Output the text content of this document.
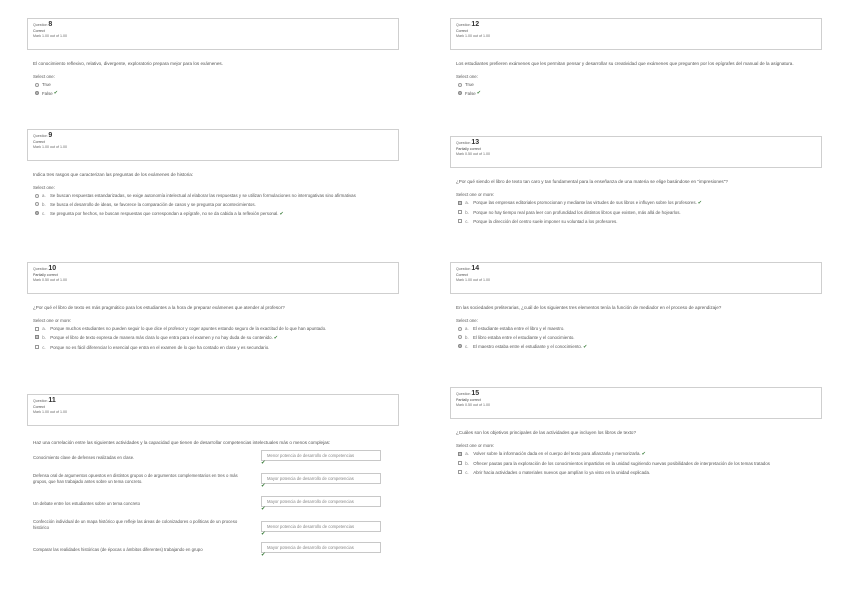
Question 8
Correct
Mark 1.00 out of 1.00
El conocimiento reflexivo, relativo, divergente, exploratorio prepara mejor para los exámenes.
Select one:
True
False ✔
Question 9
Correct
Mark 1.00 out of 1.00
Indica tres rasgos que caracterizan las preguntas de los exámenes de historia:
Select one:
a. Se buscan respuestas estandarizadas, se exige autonomía intelectual al elaborar las respuestas y se utilizan formulaciones no interrogativas sino afirmativas
b. Se busca el desarrollo de ideas, se favorece la comparación de casos y se pregunta por acontecimientos.
c.	Se pregunta por hechos, se buscan respuestas que correspondan a epígrafe, no se da cabida a la reflexión personal.✔
Question 10
Partially correct
Mark 0.50 out of 1.00
¿Por qué el libro de texto es más pragmático para los estudiantes a la hora de preparar exámenes que atender al profesor?
Select one or more:
a. Porque muchos estudiantes no pueden seguir lo que dice el profesor y coger apuntes estando seguro de la exactitud de lo que han apuntado.
b. Porque el libro de texto expresa de manera más clara lo que entra para el examen y no hay duda de su contenido.✔
c.	Porque no es fácil diferenciar lo esencial que entra en el examen de lo que ha contado en clase y es secundario.
Question 11
Correct
Mark 1.00 out of 1.00
Haz una correlación entre las siguientes actividades y la capacidad que tienen de desarrollar competencias intelectuales más o menos complejas:
Conocimiento clave de defenses realizadas en clase.	Menor potencia de desarrollo de competencias
✔
Defensa oral de argumentos opuestos en distintos grupos o de argumentos complementarios en tres o más grupos, que han trabajado antes sobre un tema concreto.
Mayor potencia de desarrollo de competencias
✔
Un debate entre los estudiantes sobre un tema concreto	Mayor potencia de desarrollo de competencias
✔
Confección individual de un mapa histórico que refleje las áreas de colonizadores o políticas de un proceso histórico	Menor potencia de desarrollo de competencias
✔
Comparar las realidades históricas (de épocas o ámbitos diferentes) trabajando en grupo	Mayor potencia de desarrollo de competencias
✔
Question 12
Correct
Mark 1.00 out of 1.00
Los estudiantes prefieren exámenes que les permitan pensar y desarrollar su creatividad que exámenes que pregunten por los epígrafes del manual de la asignatura.
Select one:
True
False ✔
Question 13
Partially correct
Mark 0.50 out of 1.00
¿Por qué siendo el libro de texto tan caro y tan fundamental para la enseñanza de una materia se elige basándose en "impresiones"?
Select one or more:
a. Porque las empresas editoriales promocionan y mediante las virtudes de sus libros e influyen sobre los profesores.✔
b. Porque no hay tiempo real para leer con profundidad los distintos libros que existen, más allá de hojearlos.
c.	Porque la dirección del centro suele imponer su voluntad a los profesores.
Question 14
Correct
Mark 1.00 out of 1.00
En las sociedades preliterarias, ¿cuál de los siguientes tres elementos tenía la función de mediador en el proceso de aprendizaje?
Select one:
a. El estudiante estaba entre el libro y el maestro.
b. El libro estaba entre el estudiante y el conocimiento.
c.	El maestro estaba entre el estudiante y el conocimiento.✔
Question 15
Partially correct
Mark 0.50 out of 1.00
¿Cuáles son los objetivos principales de las actividades que incluyen los libros de texto?
Select one or more:
a. Volver sobre la información dada en el cuerpo del texto para afianzarla y memorizarla.✔
b. Ofrecer pautas para la exploración de los conocimientos impartidos en la unidad sugiriendo nuevas posibilidades de interpretación de los temas tratados
c.	Abrir hacia actividades o materiales nuevos que amplían lo ya visto en la unidad explicada.
